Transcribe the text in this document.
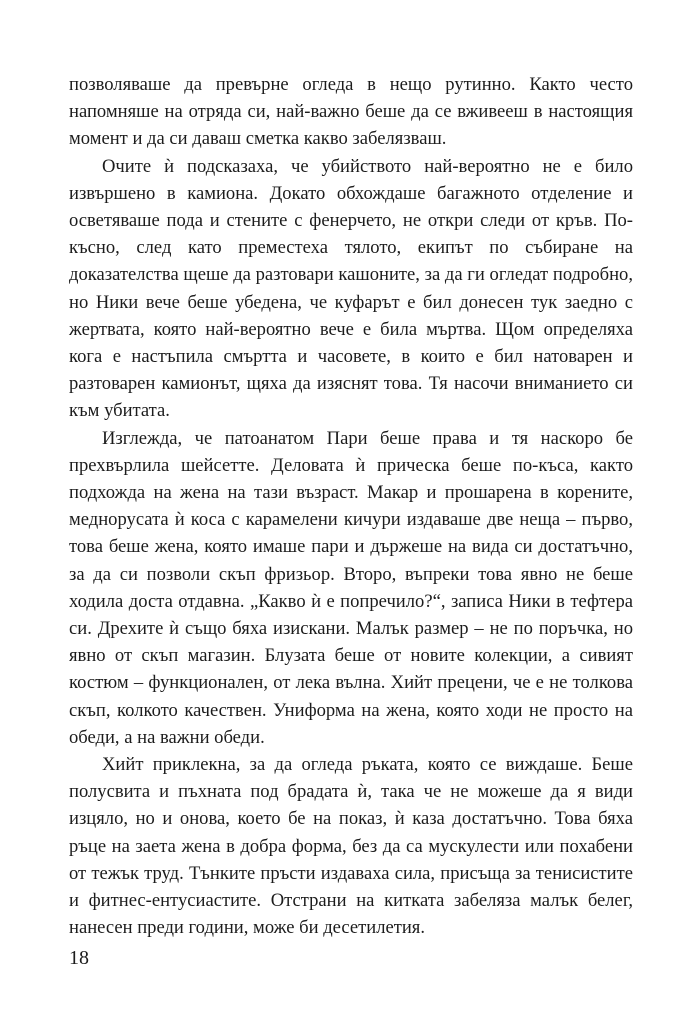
позволяваше да превърне огледа в нещо рутинно. Както често напомняше на отряда си, най-важно беше да се вживееш в настоящия момент и да си даваш сметка какво забелязваш.

Очите ѝ подсказаха, че убийството най-вероятно не е било извършено в камиона. Докато обхождаше багажното отделение и осветяваше пода и стените с фенерчето, не откри следи от кръв. По-късно, след като преместеха тялото, екипът по събиране на доказателства щеше да разтовари кашоните, за да ги огледат подробно, но Ники вече беше убедена, че куфарът е бил донесен тук заедно с жертвата, която най-вероятно вече е била мъртва. Щом определяха кога е настъпила смъртта и часовете, в които е бил натоварен и разтоварен камионът, щяха да изяснят това. Тя насочи вниманието си към убитата.

Изглежда, че патоанатом Пари беше права и тя наскоро бе прехвърлила шейсетте. Деловата ѝ прическа беше по-къса, както подхожда на жена на тази възраст. Макар и прошарена в корените, меднорусата ѝ коса с карамелени кичури издаваше две неща – първо, това беше жена, която имаше пари и държеше на вида си достатъчно, за да си позволи скъп фризьор. Второ, въпреки това явно не беше ходила доста отдавна. „Какво ѝ е попречило?“, записа Ники в тефтера си. Дрехите ѝ също бяха изискани. Малък размер – не по поръчка, но явно от скъп магазин. Блузата беше от новите колекции, а сивият костюм – функционален, от лека вълна. Хийт прецени, че е не толкова скъп, колкото качествен. Униформа на жена, която ходи не просто на обеди, а на важни обеди.

Хийт приклекна, за да огледа ръката, която се виждаше. Беше полусвита и пъхната под брадата ѝ, така че не можеше да я види изцяло, но и онова, което бе на показ, ѝ каза достатъчно. Това бяха ръце на заета жена в добра форма, без да са мускулести или похабени от тежък труд. Тънките пръсти издаваха сила, присъща за тенисистите и фитнес-ентусиастите. Отстрани на китката забеляза малък белег, нанесен преди години, може би десетилетия.

18
